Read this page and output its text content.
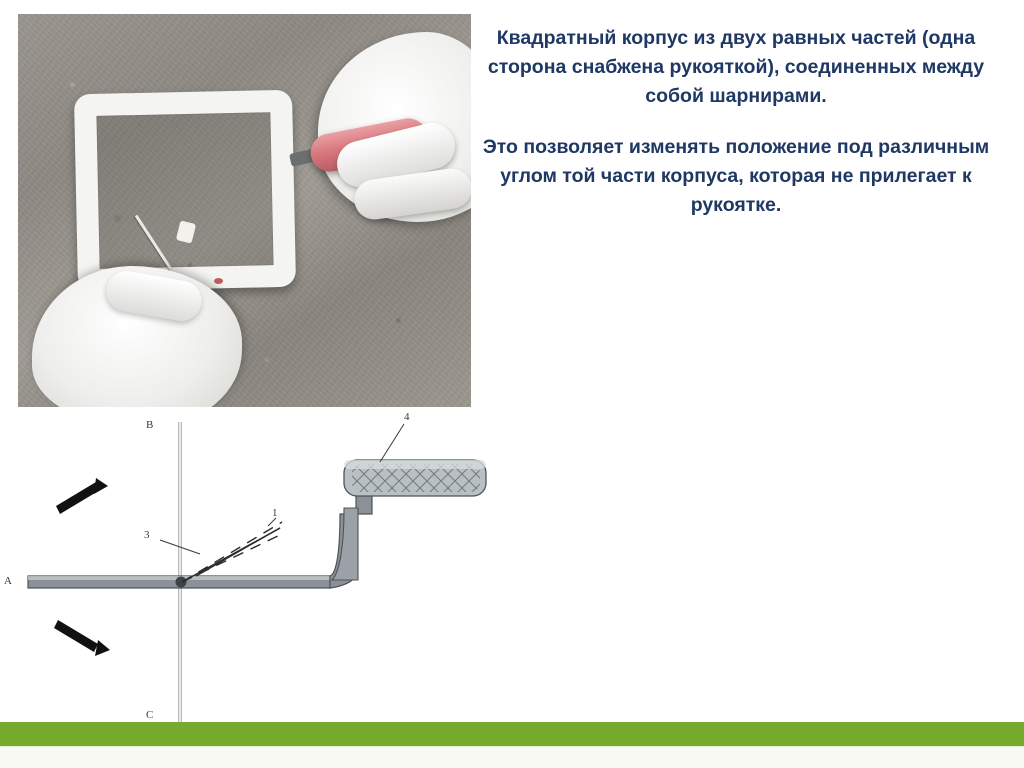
Квадратный корпус из двух равных частей (одна сторона снабжена рукояткой), соединенных между собой шарнирами.

Это позволяет изменять положение под различным углом той части корпуса, которая не прилегает к рукоятке.

1
3
4
В
А
С
